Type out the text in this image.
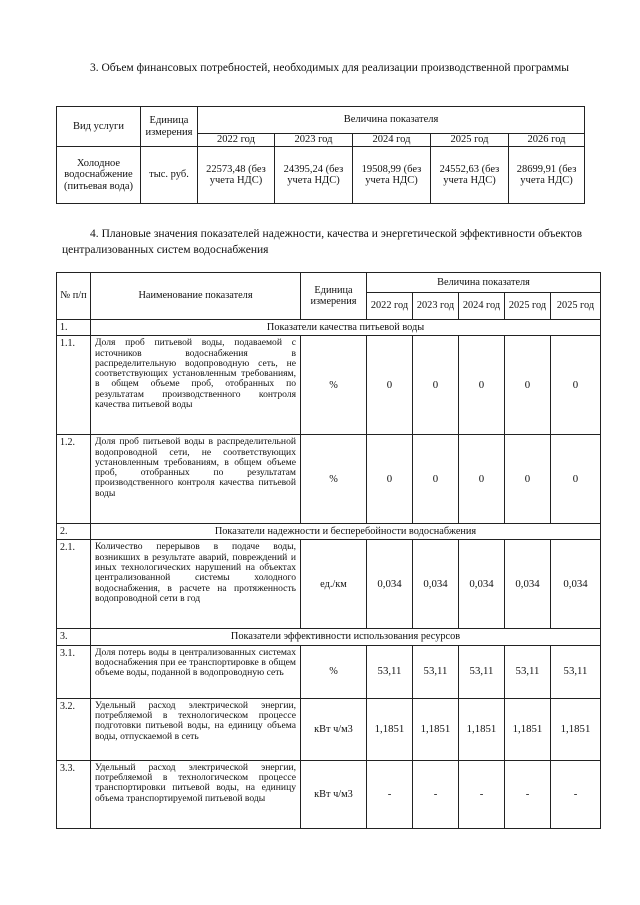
3. Объем финансовых потребностей, необходимых для реализации производственной программы
Вид услуги	Единица измерения	Величина показателя				
		2022 год	2023 год	2024 год	2025 год	2026 год
Холодное водоснабжение (питьевая вода)	тыс. руб.	22573,48 (без учета НДС)	24395,24 (без учета НДС)	19508,99 (без учета НДС)	24552,63 (без учета НДС)	28699,91 (без учета НДС)
4. Плановые значения показателей надежности, качества и энергетической эффективности объектов централизованных систем водоснабжения
№ п/п	Наименование показателя	Единица измерения	Величина показателя				
			2022 год	2023 год	2024 год	2025 год	2025 год
1.	Показатели качества питьевой воды						
1.1.	Доля проб питьевой воды, подаваемой с источников водоснабжения в распределительную водопроводную сеть, не соответствующих установленным требованиям, в общем объеме проб, отобранных по результатам производственного контроля качества питьевой воды	%	0	0	0	0	0
1.2.	Доля проб питьевой воды в распределительной водопроводной сети, не соответствующих установленным требованиям, в общем объеме проб, отобранных по результатам производственного контроля качества питьевой воды	%	0	0	0	0	0
2.	Показатели надежности и бесперебойности водоснабжения						
2.1.	Количество перерывов в подаче воды, возникших в результате аварий, повреждений и иных технологических нарушений на объектах централизованной системы холодного водоснабжения, в расчете на протяженность водопроводной сети в год	ед./км	0,034	0,034	0,034	0,034	0,034
3.	Показатели эффективности использования ресурсов						
3.1.	Доля потерь воды в централизованных системах водоснабжения при ее транспортировке в общем объеме воды, поданной в водопроводную сеть	%	53,11	53,11	53,11	53,11	53,11
3.2.	Удельный расход электрической энергии, потребляемой в технологическом процессе подготовки питьевой воды, на единицу объема воды, отпускаемой в сеть	кВт ч/м3	1,1851	1,1851	1,1851	1,1851	1,1851
3.3.	Удельный расход электрической энергии, потребляемой в технологическом процессе транспортировки питьевой воды, на единицу объема транспортируемой питьевой воды	кВт ч/м3	-	-	-	-	-
